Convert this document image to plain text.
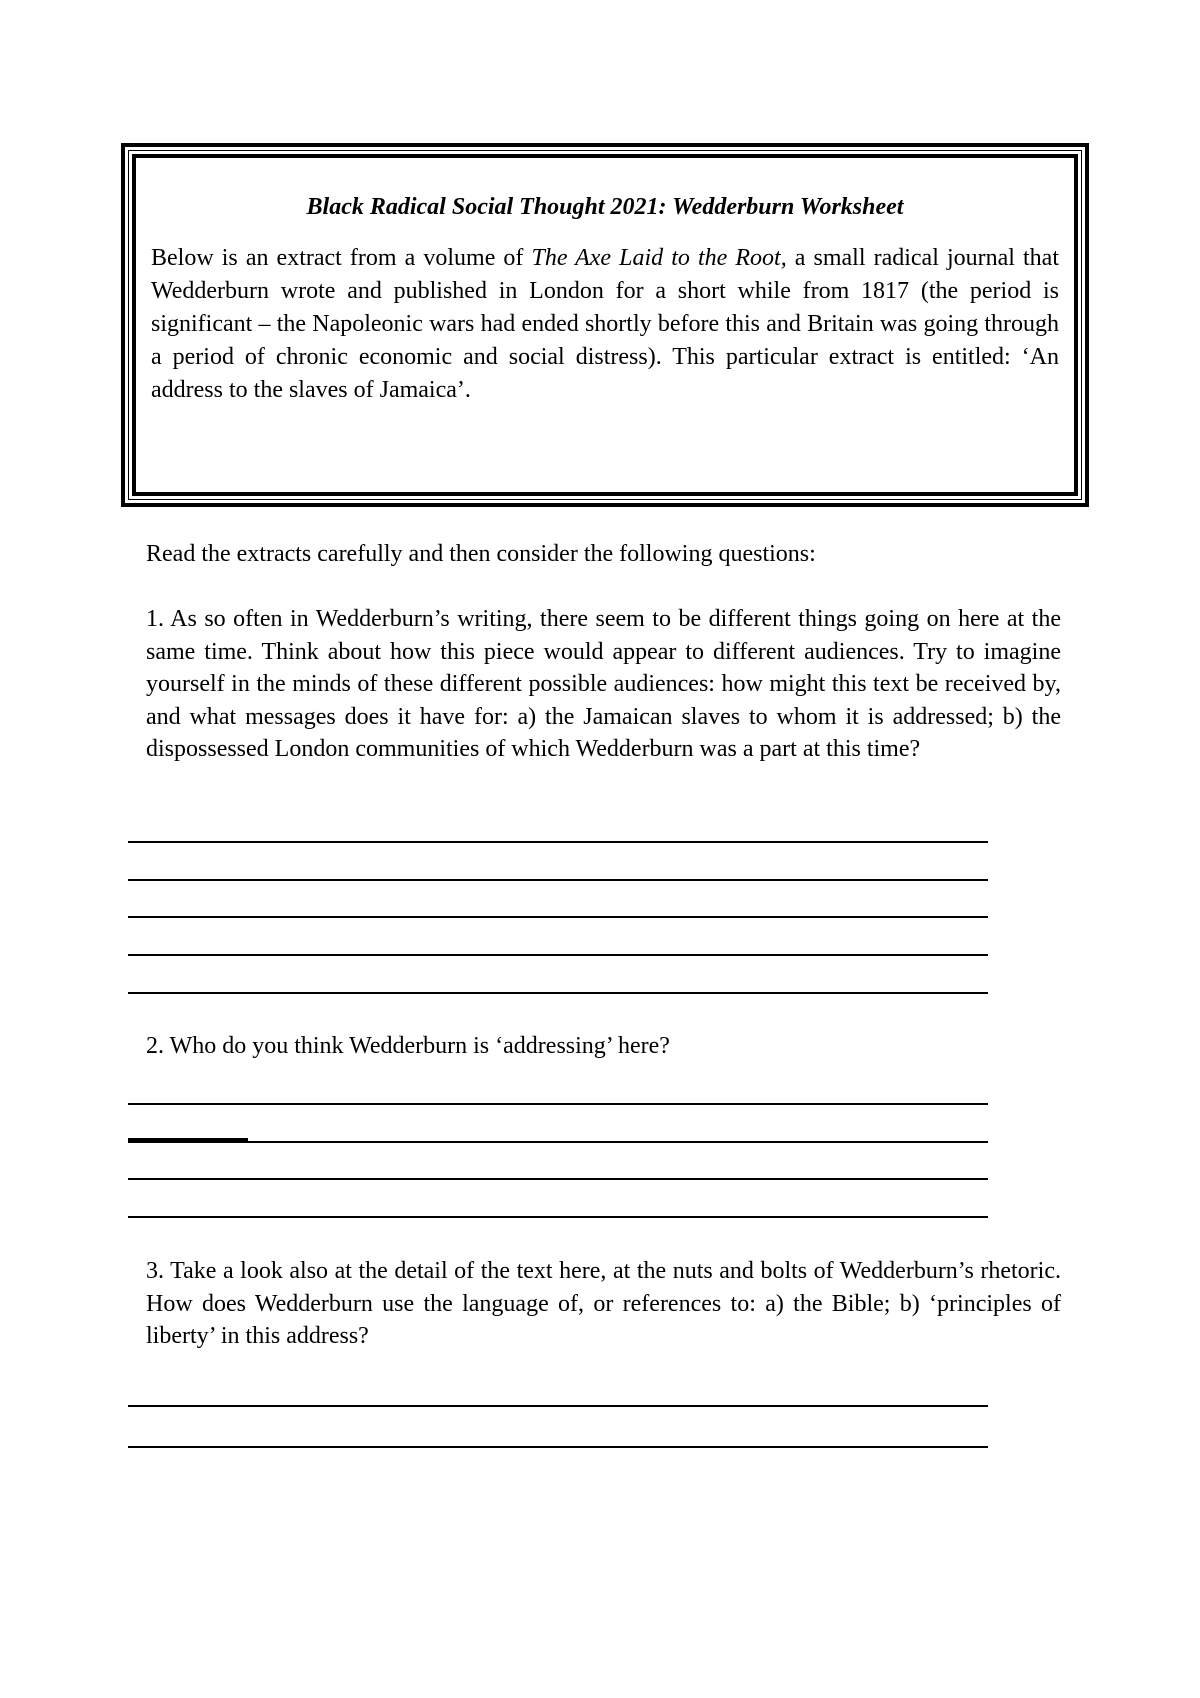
Black Radical Social Thought 2021: Wedderburn Worksheet

Below is an extract from a volume of The Axe Laid to the Root, a small radical journal that Wedderburn wrote and published in London for a short while from 1817 (the period is significant – the Napoleonic wars had ended shortly before this and Britain was going through a period of chronic economic and social distress). This particular extract is entitled: ‘An address to the slaves of Jamaica’.

Read the extracts carefully and then consider the following questions:

1. As so often in Wedderburn’s writing, there seem to be different things going on here at the same time. Think about how this piece would appear to different audiences. Try to imagine yourself in the minds of these different possible audiences: how might this text be received by, and what messages does it have for: a) the Jamaican slaves to whom it is addressed; b) the dispossessed London communities of which Wedderburn was a part at this time?

2. Who do you think Wedderburn is ‘addressing’ here?

3. Take a look also at the detail of the text here, at the nuts and bolts of Wedderburn’s rhetoric. How does Wedderburn use the language of, or references to: a) the Bible; b) ‘principles of liberty’ in this address?
